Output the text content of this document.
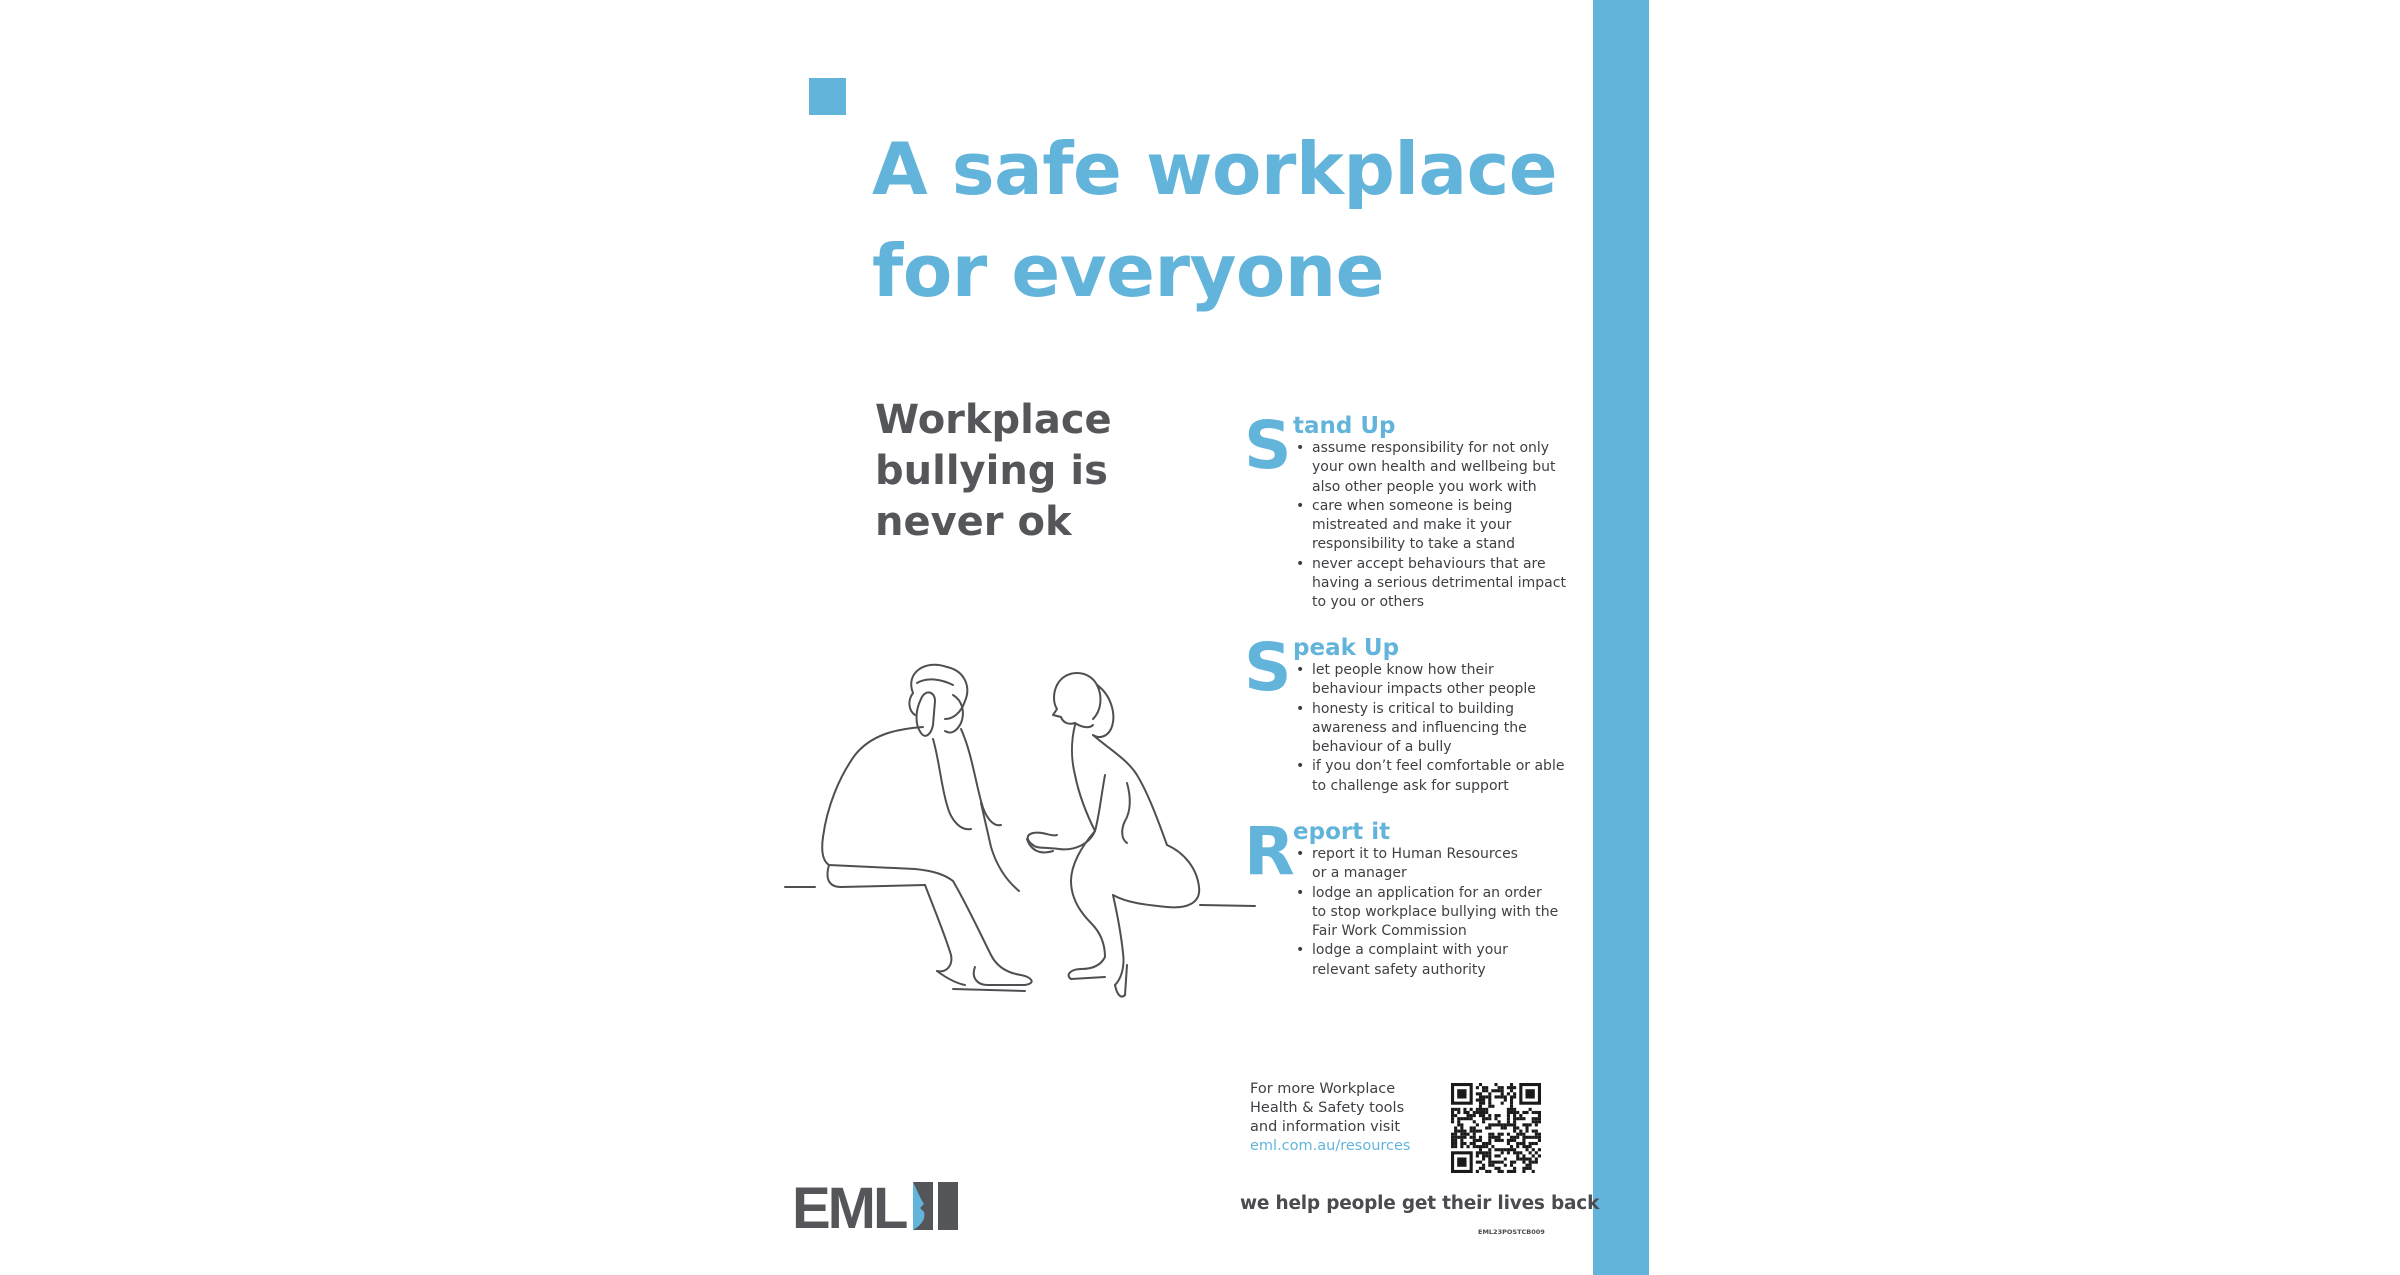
A safe workplace
for everyone
Workplace
bullying is
never ok
S tand Up
• assume responsibility for not only
your own health and wellbeing but
also other people you work with
• care when someone is being
mistreated and make it your
responsibility to take a stand
• never accept behaviours that are
having a serious detrimental impact
to you or others
S peak Up
• let people know how their
behaviour impacts other people
• honesty is critical to building
awareness and influencing the
behaviour of a bully
• if you don’t feel comfortable or able
to challenge ask for support
R
eport it
• report it to Human Resources
or a manager
• lodge an application for an order
to stop workplace bullying with the
Fair Work Commission
• lodge a complaint with your
relevant safety authority
For more Workplace
Health & Safety tools
and information visit
eml.com.au/resources
EML	we help people get their lives back
EML23POSTCB009
